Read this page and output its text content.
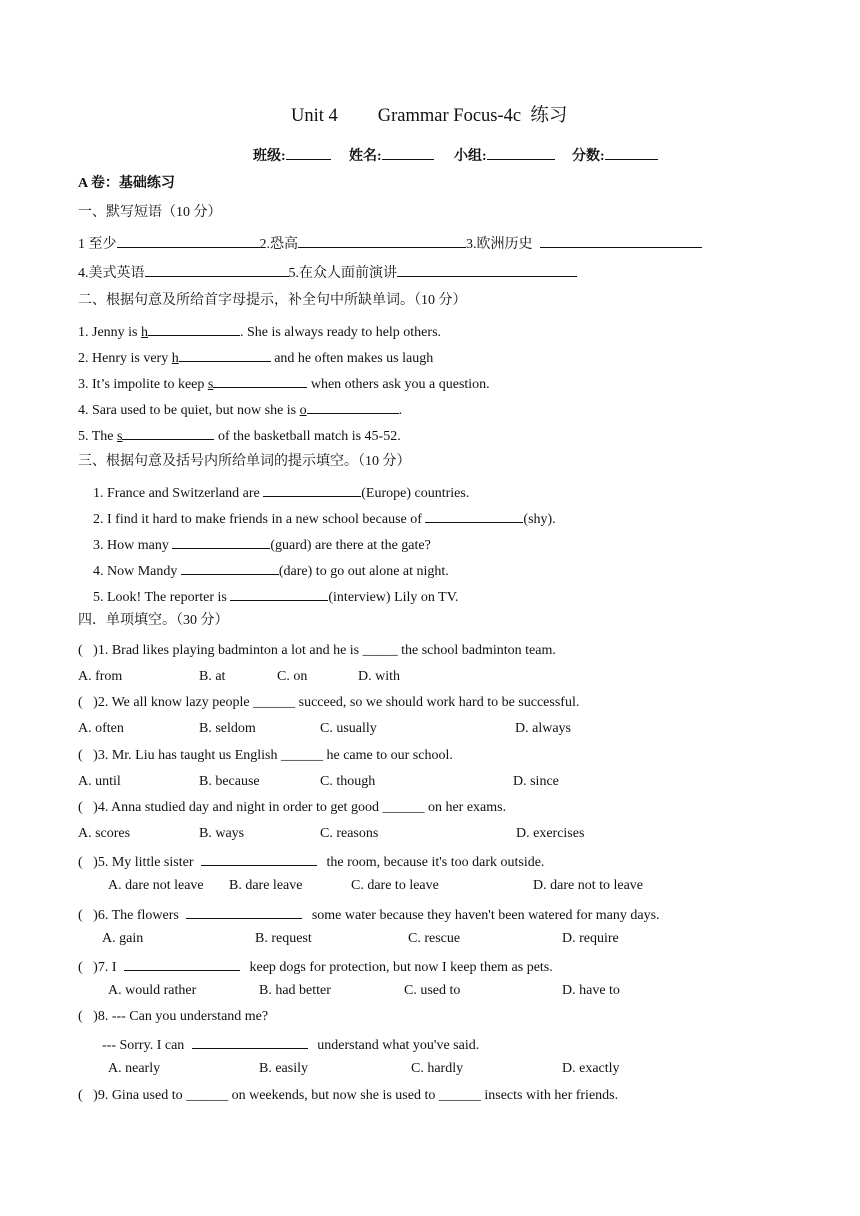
Unit 4 Grammar Focus-4c  练习
班级:	姓名:	小组:	分数:
A 卷：基础练习
一、默写短语（10 分）
1 至少	2.恐高	3.欧洲历史
4.美式英语	5.在众人面前演讲
二、根据句意及所给首字母提示，补全句中所缺单词。（10 分）
1. Jenny is h	. She is always ready to help others.
2. Henry is very h	and he often makes us laugh
3. It’s impolite to keep s	when others ask you a question.
4. Sara used to be quiet, but now she is o	.
5. The s	of the basketball match is 45-52.
三、根据句意及括号内所给单词的提示填空。（10 分）
1. France and Switzerland are	(Europe) countries.
2. I find it hard to make friends in a new school because of	(shy).
3. How many	(guard) are there at the gate?
4. Now Mandy	(dare) to go out alone at night.
5. Look! The reporter is	(interview) Lily on TV.
四．单项填空。（30 分）
(   )1. Brad likes playing badminton a lot and he is _____ the school badminton team.
A. from	B. at	C. on	D. with
(   )2. We all know lazy people ______ succeed, so we should work hard to be successful.
A. often	B. seldom	C. usually	D. always
(   )3. Mr. Liu has taught us English ______ he came to our school.
A. until	B. because	C. though	D. since
(   )4. Anna studied day and night in order to get good ______ on her exams.
A. scores	B. ways	C. reasons	D. exercises
(   )5. My little sister	the room, because it's too dark outside.
A. dare not leave B. dare leave	C. dare to leave	D. dare not to leave
(   )6. The flowers	some water because they haven't been watered for many days.
A. gain	B. request	C. rescue	D. require
(   )7. I	keep dogs for protection, but now I keep them as pets.
A. would rather	B. had better	C. used to	D. have to
(   )8. --- Can you understand me?
--- Sorry. I can	understand what you've said.
A. nearly	B. easily	C. hardly	D. exactly
(   )9. Gina used to ______ on weekends, but now she is used to ______ insects with her friends.
